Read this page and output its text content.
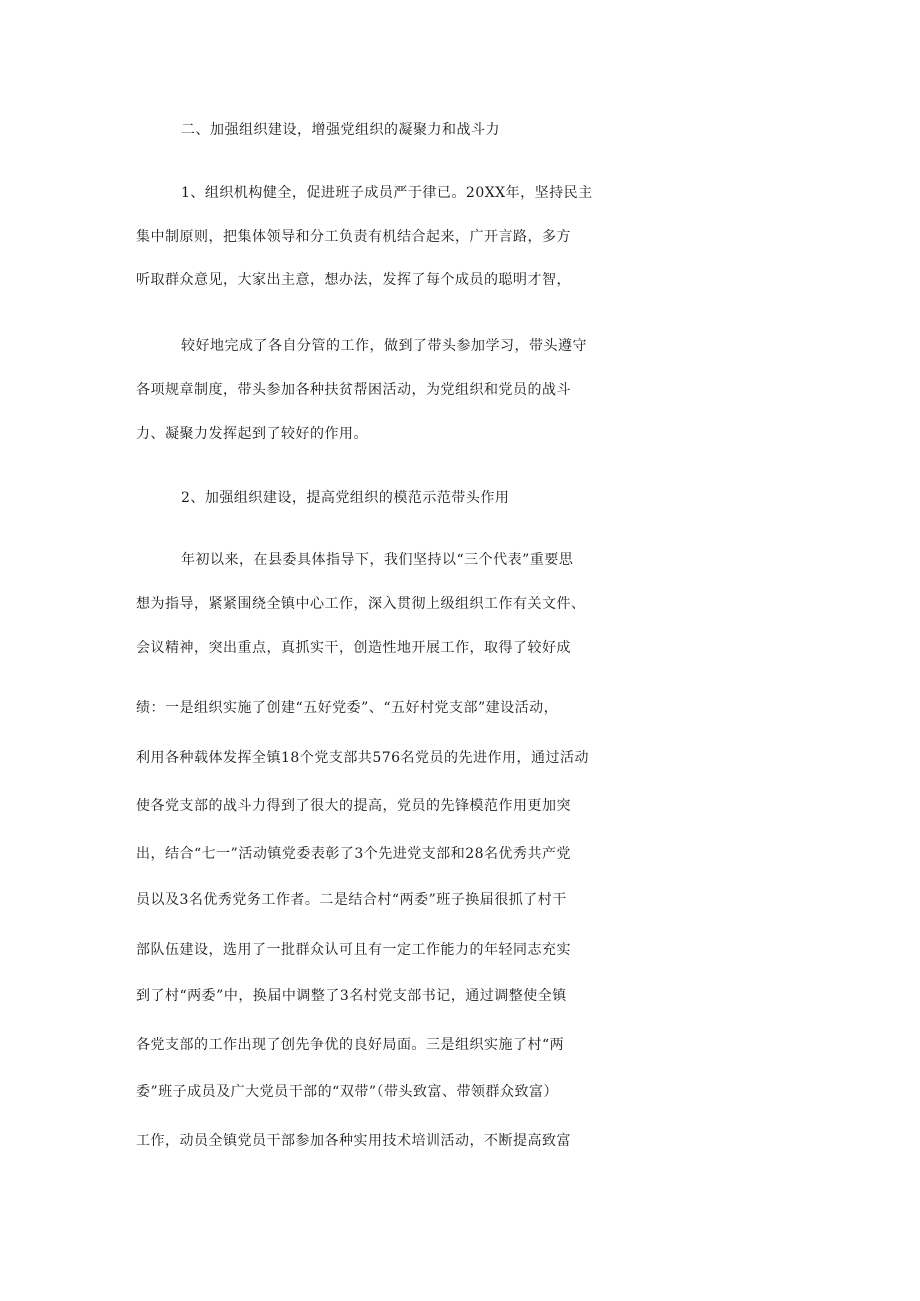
二、加强组织建设，增强党组织的凝聚力和战斗力
1、组织机构健全，促进班子成员严于律已。20XX年，坚持民主
集中制原则，把集体领导和分工负责有机结合起来，广开言路，多方
听取群众意见，大家出主意，想办法，发挥了每个成员的聪明才智，
较好地完成了各自分管的工作，做到了带头参加学习，带头遵守
各项规章制度，带头参加各种扶贫帮困活动，为党组织和党员的战斗
力、凝聚力发挥起到了较好的作用。
2、加强组织建设，提高党组织的模范示范带头作用
年初以来，在县委具体指导下，我们坚持以“三个代表”重要思
想为指导，紧紧围绕全镇中心工作，深入贯彻上级组织工作有关文件、
会议精神，突出重点，真抓实干，创造性地开展工作，取得了较好成
绩：一是组织实施了创建“五好党委”、“五好村党支部”建设活动，
利用各种载体发挥全镇18个党支部共576名党员的先进作用，通过活动
使各党支部的战斗力得到了很大的提高，党员的先锋模范作用更加突
出，结合“七一”活动镇党委表彰了3个先进党支部和28名优秀共产党
员以及3名优秀党务工作者。二是结合村“两委”班子换届很抓了村干
部队伍建设，选用了一批群众认可且有一定工作能力的年轻同志充实
到了村“两委”中，换届中调整了3名村党支部书记，通过调整使全镇
各党支部的工作出现了创先争优的良好局面。三是组织实施了村“两
委”班子成员及广大党员干部的“双带”（带头致富、带领群众致富）
工作，动员全镇党员干部参加各种实用技术培训活动，不断提高致富
